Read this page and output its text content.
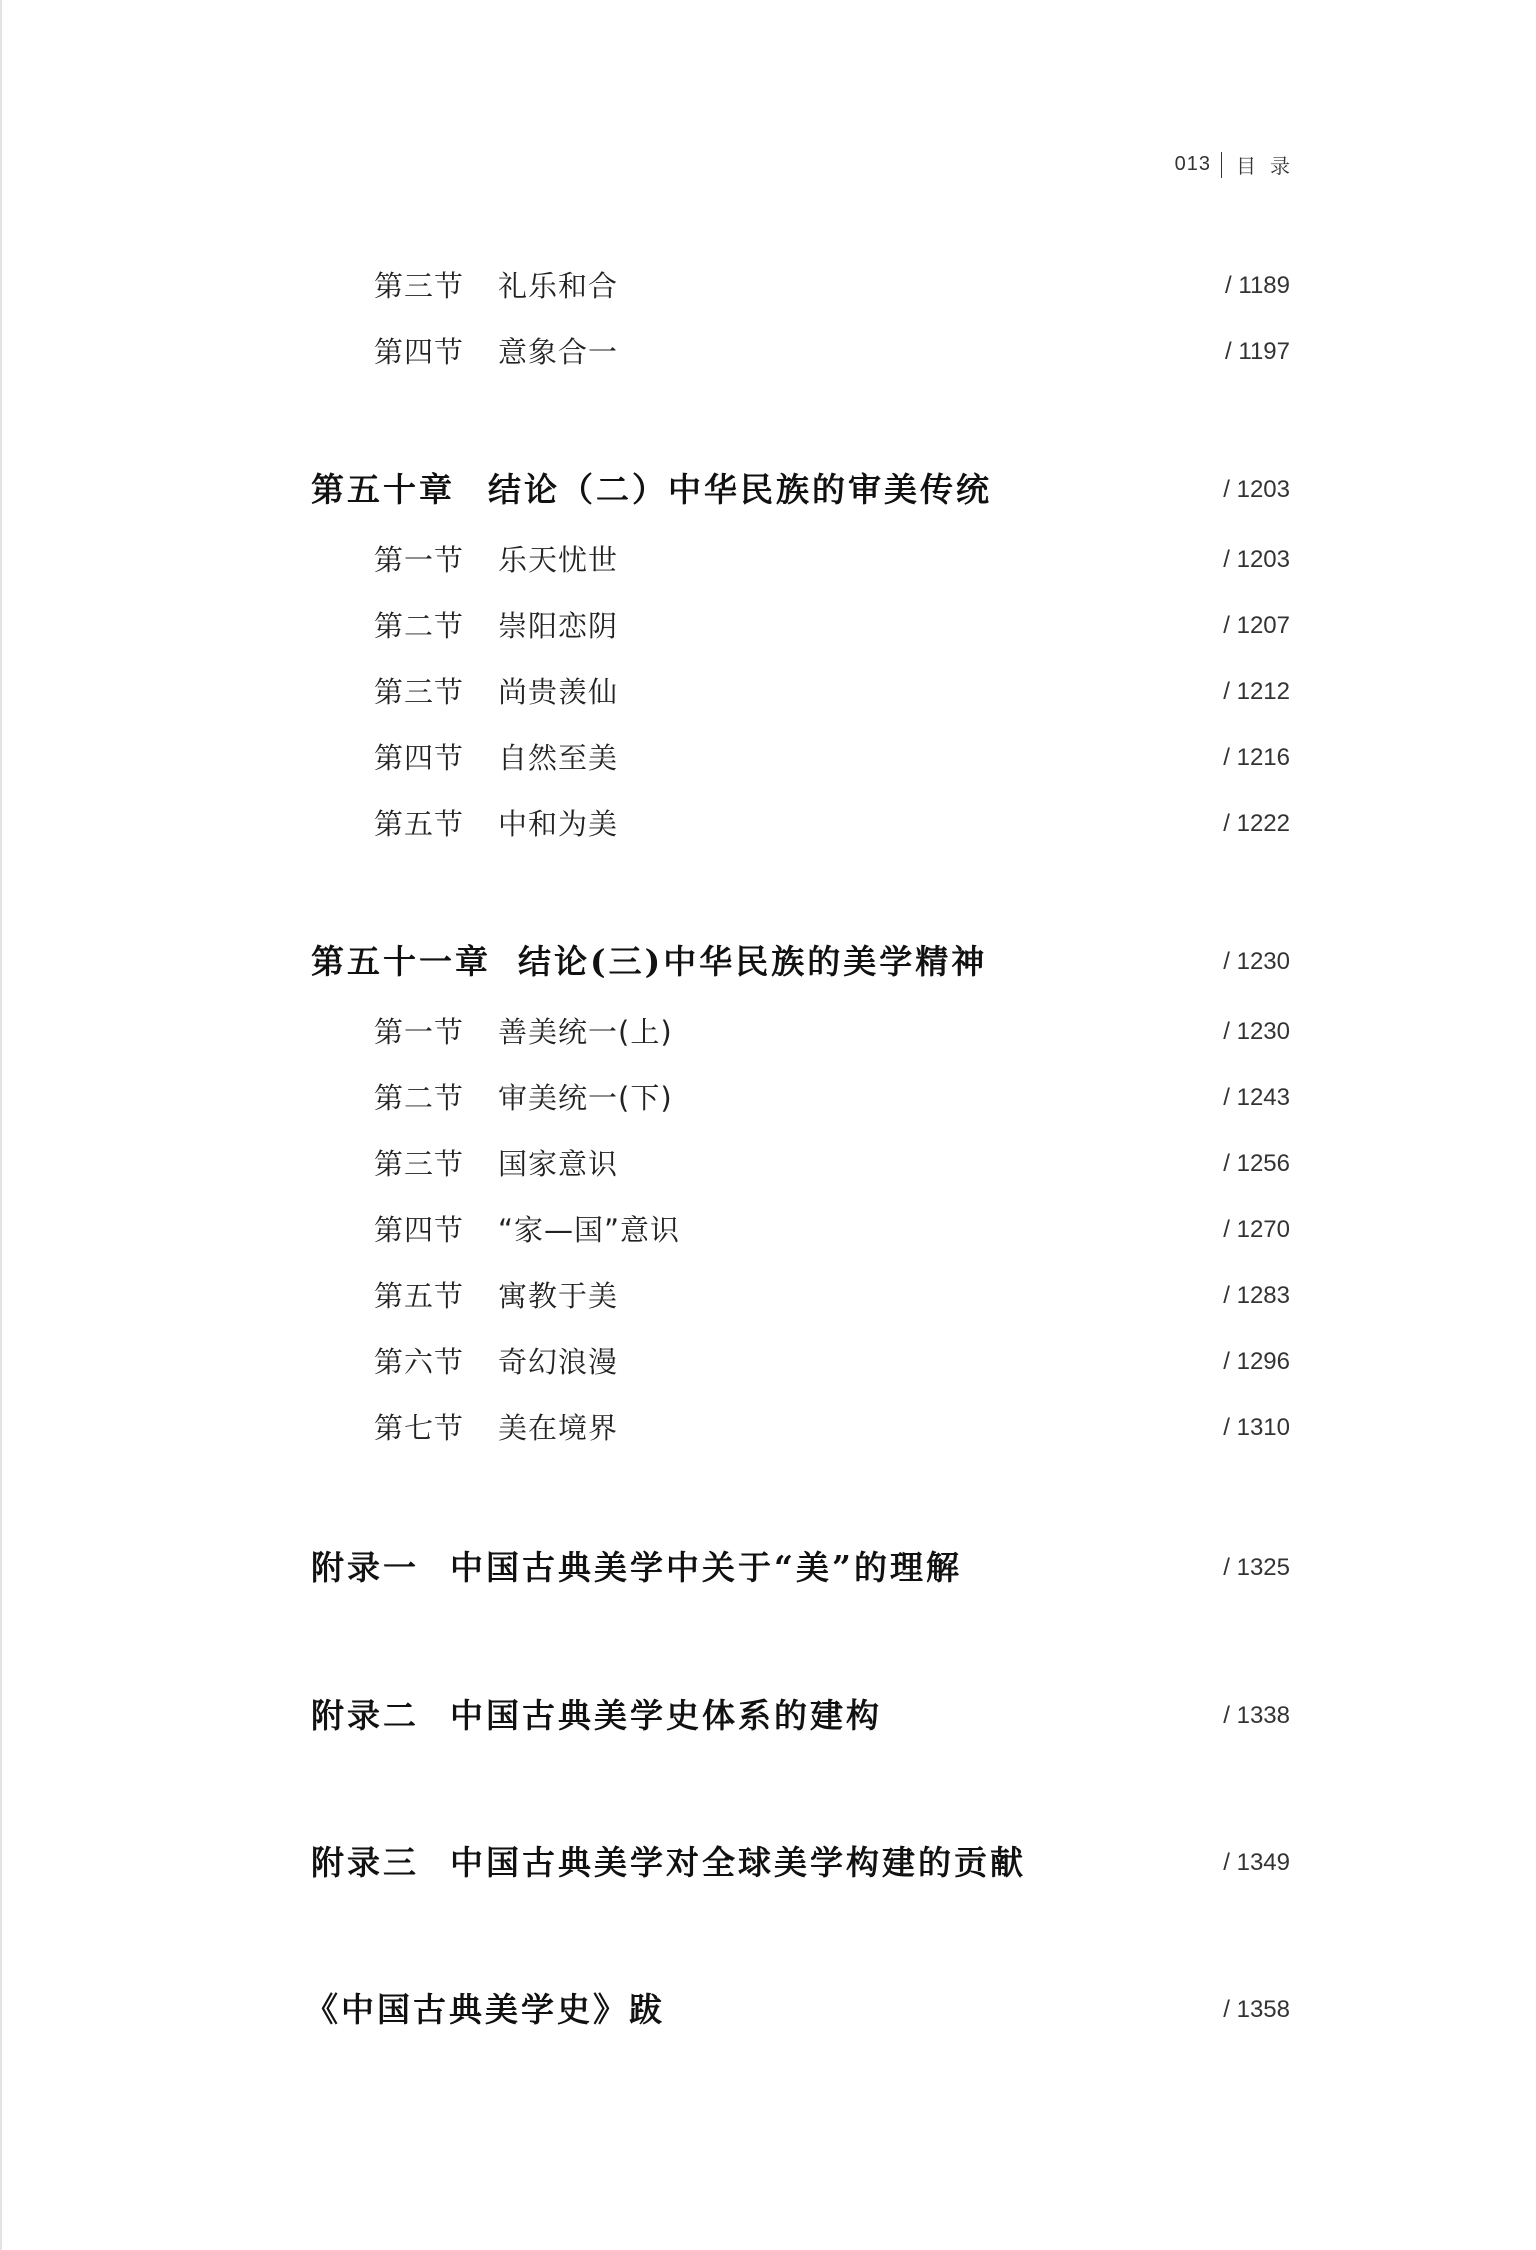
013 目录
第三节 礼乐和合	/ 1189
第四节 意象合一	/ 1197
第五十章 结论（二）中华民族的审美传统	/ 1203
第一节 乐天忧世	/ 1203
第二节 崇阳恋阴	/ 1207
第三节 尚贵羡仙	/ 1212
第四节 自然至美	/ 1216
第五节 中和为美	/ 1222
第五十一章 结论(三)中华民族的美学精神	/ 1230
第一节 善美统一(上)	/ 1230
第二节 审美统一(下)	/ 1243
第三节 国家意识	/ 1256
第四节 “家—国”意识	/ 1270
第五节 寓教于美	/ 1283
第六节 奇幻浪漫	/ 1296
第七节 美在境界	/ 1310
附录一 中国古典美学中关于“美”的理解	/ 1325
附录二 中国古典美学史体系的建构	/ 1338
附录三 中国古典美学对全球美学构建的贡献	/ 1349
《中国古典美学史》跋	/ 1358
